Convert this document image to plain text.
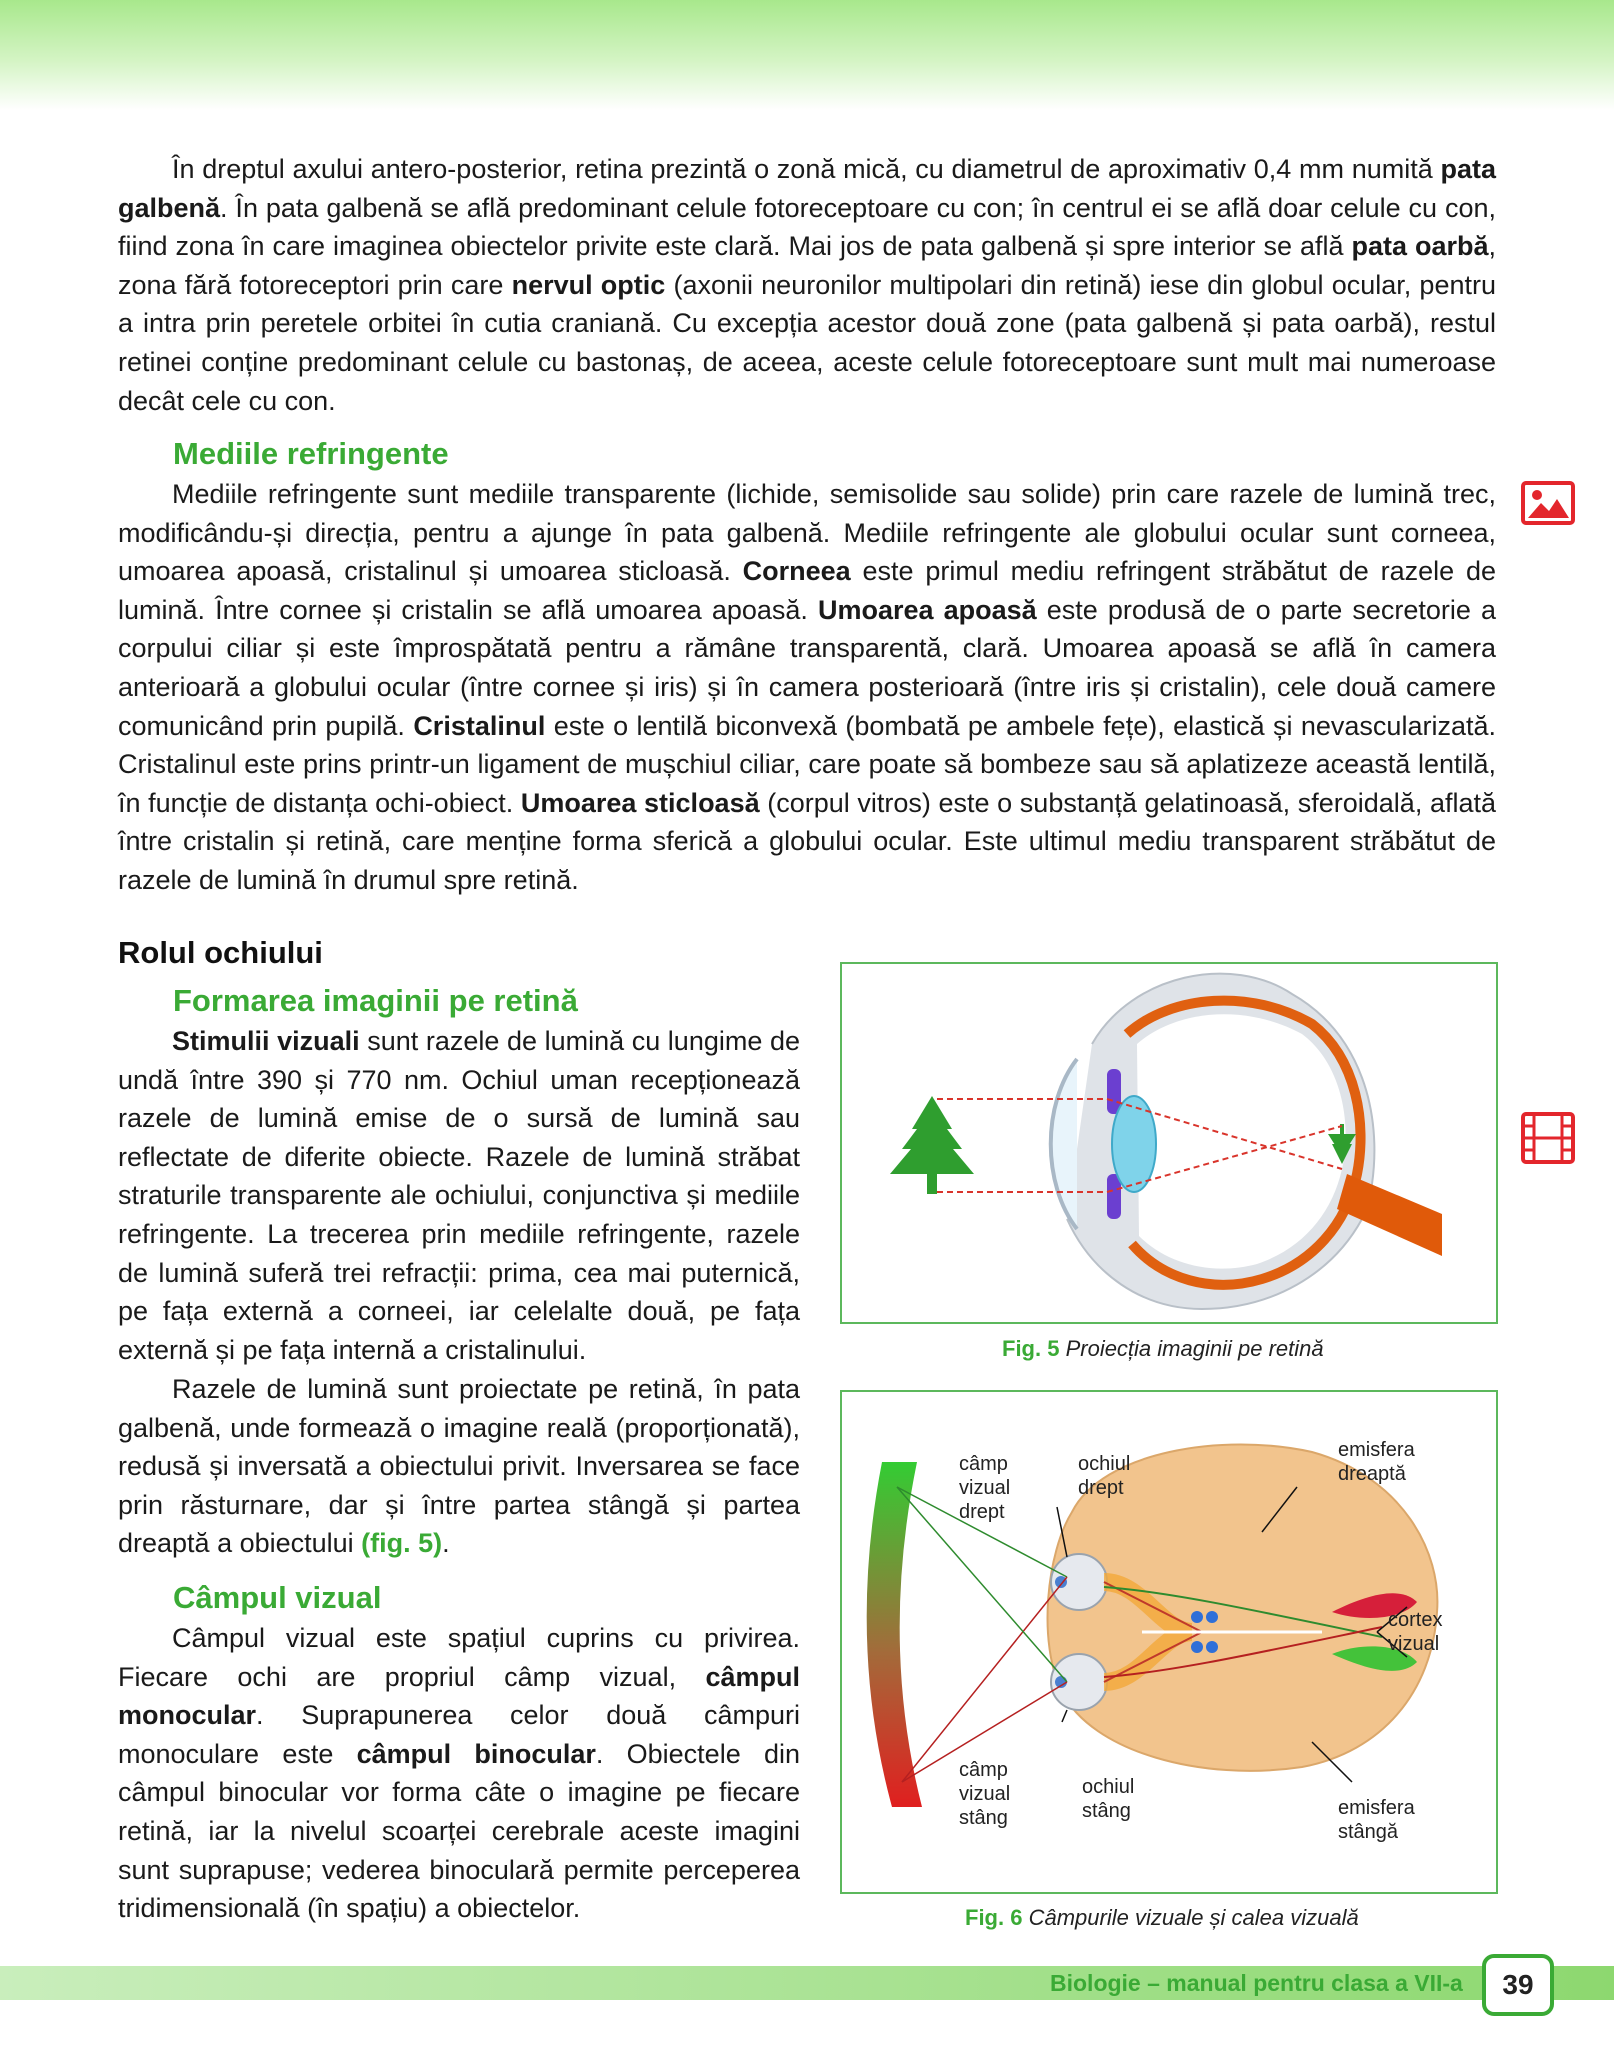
În dreptul axului antero-posterior, retina prezintă o zonă mică, cu diametrul de aproximativ 0,4 mm numită pata galbenă. În pata galbenă se află predominant celule fotoreceptoare cu con; în centrul ei se află doar celule cu con, fiind zona în care imaginea obiectelor privite este clară. Mai jos de pata galbenă și spre interior se află pata oarbă, zona fără fotoreceptori prin care nervul optic (axonii neuronilor multipolari din retină) iese din globul ocular, pentru a intra prin peretele orbitei în cutia craniană. Cu excepția acestor două zone (pata galbenă și pata oarbă), restul retinei conține predominant celule cu bastonaș, de aceea, aceste celule fotoreceptoare sunt mult mai numeroase decât cele cu con.

Mediile refringente

Mediile refringente sunt mediile transparente (lichide, semisolide sau solide) prin care razele de lumină trec, modificându-și direcția, pentru a ajunge în pata galbenă. Mediile refringente ale globului ocular sunt corneea, umoarea apoasă, cristalinul și umoarea sticloasă. Corneea este primul mediu refringent străbătut de razele de lumină. Între cornee și cristalin se află umoarea apoasă. Umoarea apoasă este produsă de o parte secretorie a corpului ciliar și este împrospătată pentru a rămâne transparentă, clară. Umoarea apoasă se află în camera anterioară a globului ocular (între cornee și iris) și în camera posterioară (între iris și cristalin), cele două camere comunicând prin pupilă. Cristalinul este o lentilă biconvexă (bombată pe ambele fețe), elastică și nevascularizată. Cristalinul este prins printr-un ligament de mușchiul ciliar, care poate să bombeze sau să aplatizeze această lentilă, în funcție de distanța ochi-obiect. Umoarea sticloasă (corpul vitros) este o substanță gelatinoasă, sferoidală, aflată între cristalin și retină, care menține forma sferică a globului ocular. Este ultimul mediu transparent străbătut de razele de lumină în drumul spre retină.

Rolul ochiului
Formarea imaginii pe retină

Stimulii vizuali sunt razele de lumină cu lungime de undă între 390 și 770 nm. Ochiul uman recepționează razele de lumină emise de o sursă de lumină sau reflectate de diferite obiecte. Razele de lumină străbat straturile transparente ale ochiului, conjunctiva și mediile refringente. La trecerea prin mediile refringente, razele de lumină suferă trei refracții: prima, cea mai puternică, pe fața externă a corneei, iar celelalte două, pe fața externă și pe fața internă a cristalinului.

Razele de lumină sunt proiectate pe retină, în pata galbenă, unde formează o imagine reală (proporționată), redusă și inversată a obiectului privit. Inversarea se face prin răsturnare, dar și între partea stângă și partea dreaptă a obiectului (fig. 5).

Câmpul vizual

Câmpul vizual este spațiul cuprins cu privirea. Fiecare ochi are propriul câmp vizual, câmpul monocular. Suprapunerea celor două câmpuri monoculare este câmpul binocular. Obiectele din câmpul binocular vor forma câte o imagine pe fiecare retină, iar la nivelul scoarței cerebrale aceste imagini sunt suprapuse; vederea binoculară permite perceperea tridimensională (în spațiu) a obiectelor.

Fig. 5 Proiecția imaginii pe retină
câmp
vizual
drept
ochiul
drept
emisfera
dreaptă
cortex
vizual
câmp
vizual
stâng
ochiul
stâng	emisfera
stângă
Fig. 6 Câmpurile vizuale și calea vizuală
Biologie – manual pentru clasa a VII-a	39
